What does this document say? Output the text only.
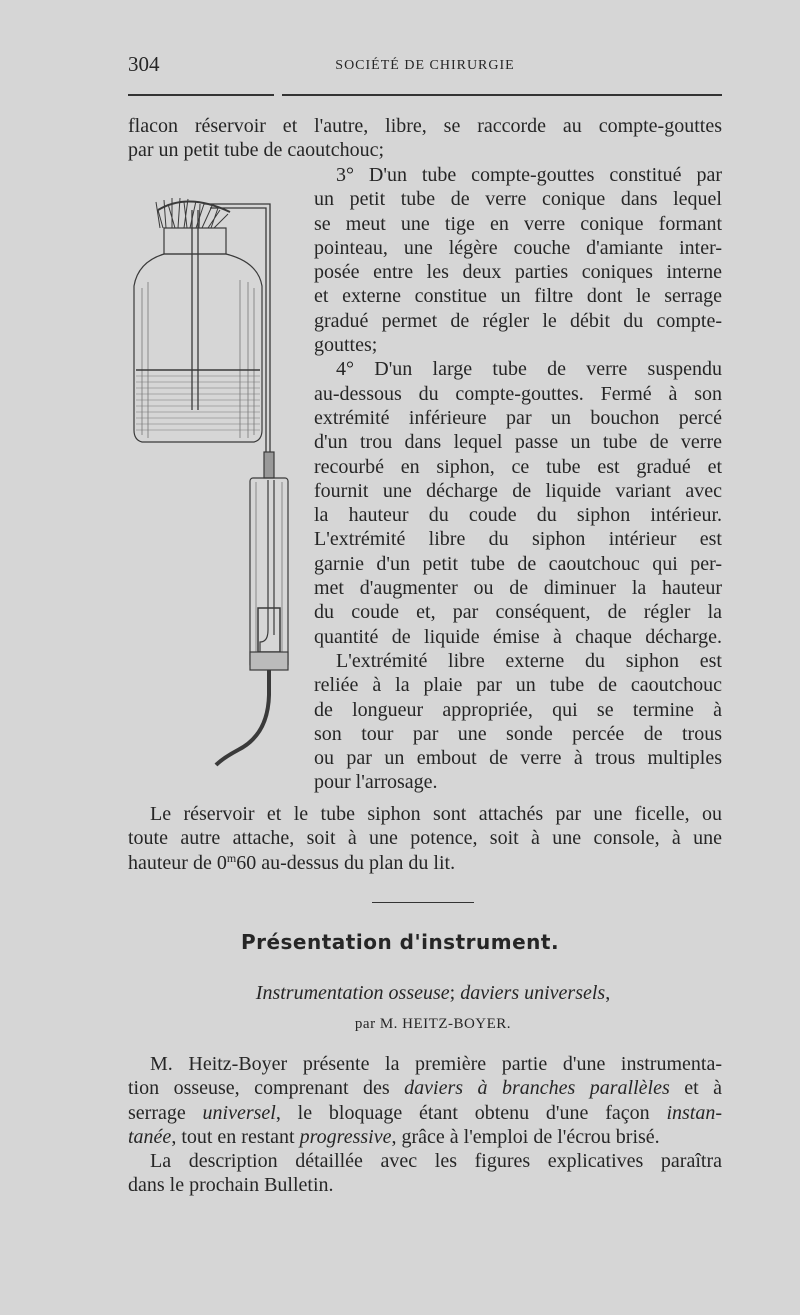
304	SOCIÉTÉ DE CHIRURGIE
flacon réservoir et l'autre, libre, se raccorde au compte-gouttes
par un petit tube de caoutchouc;
3° D'un tube compte-gouttes constitué par
un petit tube de verre conique dans lequel
se meut une tige en verre conique formant
pointeau, une légère couche d'amiante inter-
posée entre les deux parties coniques interne
et externe constitue un filtre dont le serrage
gradué permet de régler le débit du compte-
gouttes;
4° D'un large tube de verre suspendu
au-dessous du compte-gouttes. Fermé à son
extrémité inférieure par un bouchon percé
d'un trou dans lequel passe un tube de verre
recourbé en siphon, ce tube est gradué et
fournit une décharge de liquide variant avec
la hauteur du coude du siphon intérieur.
L'extrémité libre du siphon intérieur est
garnie d'un petit tube de caoutchouc qui per-
met d'augmenter ou de diminuer la hauteur
du coude et, par conséquent, de régler la
quantité de liquide émise à chaque décharge.
L'extrémité libre externe du siphon est
reliée à la plaie par un tube de caoutchouc
de longueur appropriée, qui se termine à
son tour par une sonde percée de trous
ou par un embout de verre à trous multiples
pour l'arrosage.
Le réservoir et le tube siphon sont attachés par une ficelle, ou
toute autre attache, soit à une potence, soit à une console, à une
hauteur de 0$^m$60 au-dessus du plan du lit.
Présentation d'instrument.
Instrumentation osseuse; daviers universels,
par M. HEITZ-BOYER.
M. Heitz-Boyer présente la première partie d'une instrumenta-
tion osseuse, comprenant des daviers à branches parallèles et à
serrage universel, le bloquage étant obtenu d'une façon instan-
tanée, tout en restant progressive, grâce à l'emploi de l'écrou brisé.
La description détaillée avec les figures explicatives paraîtra
dans le prochain Bulletin.
